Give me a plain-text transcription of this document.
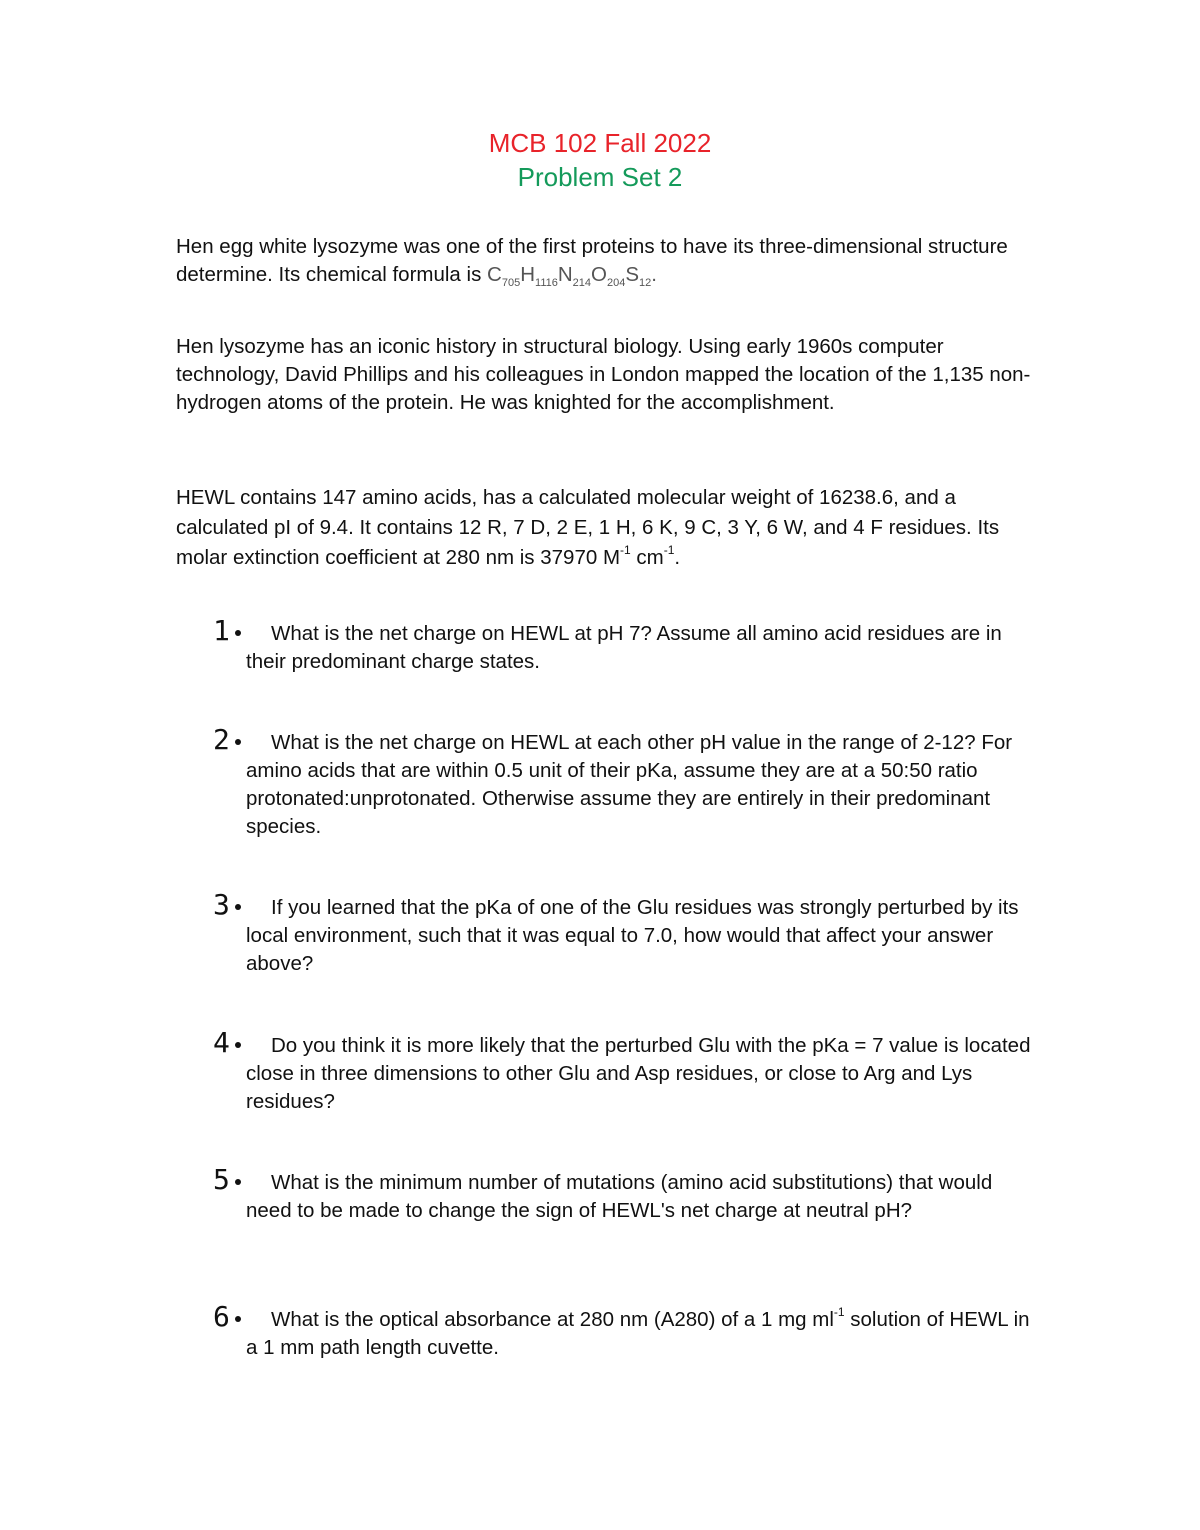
MCB 102 Fall 2022
Problem Set 2
Hen egg white lysozyme was one of the first proteins to have its three-dimensional structure determine. Its chemical formula is $C_{705}H_{1116}N_{214}O_{204}S_{12}$.
Hen lysozyme has an iconic history in structural biology. Using early 1960s computer technology, David Phillips and his colleagues in London mapped the location of the 1,135 non-hydrogen atoms of the protein. He was knighted for the accomplishment.
HEWL contains 147 amino acids, has a calculated molecular weight of 16238.6, and a calculated pI of 9.4. It contains 12 R, 7 D, 2 E, 1 H, 6 K, 9 C, 3 Y, 6 W, and 4 F residues. Its molar extinction coefficient at 280 nm is 37970 $M^{-1}$ $cm^{-1}$.
1	What is the net charge on HEWL at pH 7? Assume all amino acid residues are in their predominant charge states.
2	What is the net charge on HEWL at each other pH value in the range of 2-12? For amino acids that are within 0.5 unit of their pKa, assume they are at a 50:50 ratio protonated:unprotonated. Otherwise assume they are entirely in their predominant species.
3	If you learned that the pKa of one of the Glu residues was strongly perturbed by its local environment, such that it was equal to 7.0, how would that affect your answer above?
4	Do you think it is more likely that the perturbed Glu with the pKa = 7 value is located close in three dimensions to other Glu and Asp residues, or close to Arg and Lys residues?
5	What is the minimum number of mutations (amino acid substitutions) that would need to be made to change the sign of HEWL's net charge at neutral pH?
6	What is the optical absorbance at 280 nm (A280) of a 1 mg $ml^{-1}$ solution of HEWL in a 1 mm path length cuvette.
